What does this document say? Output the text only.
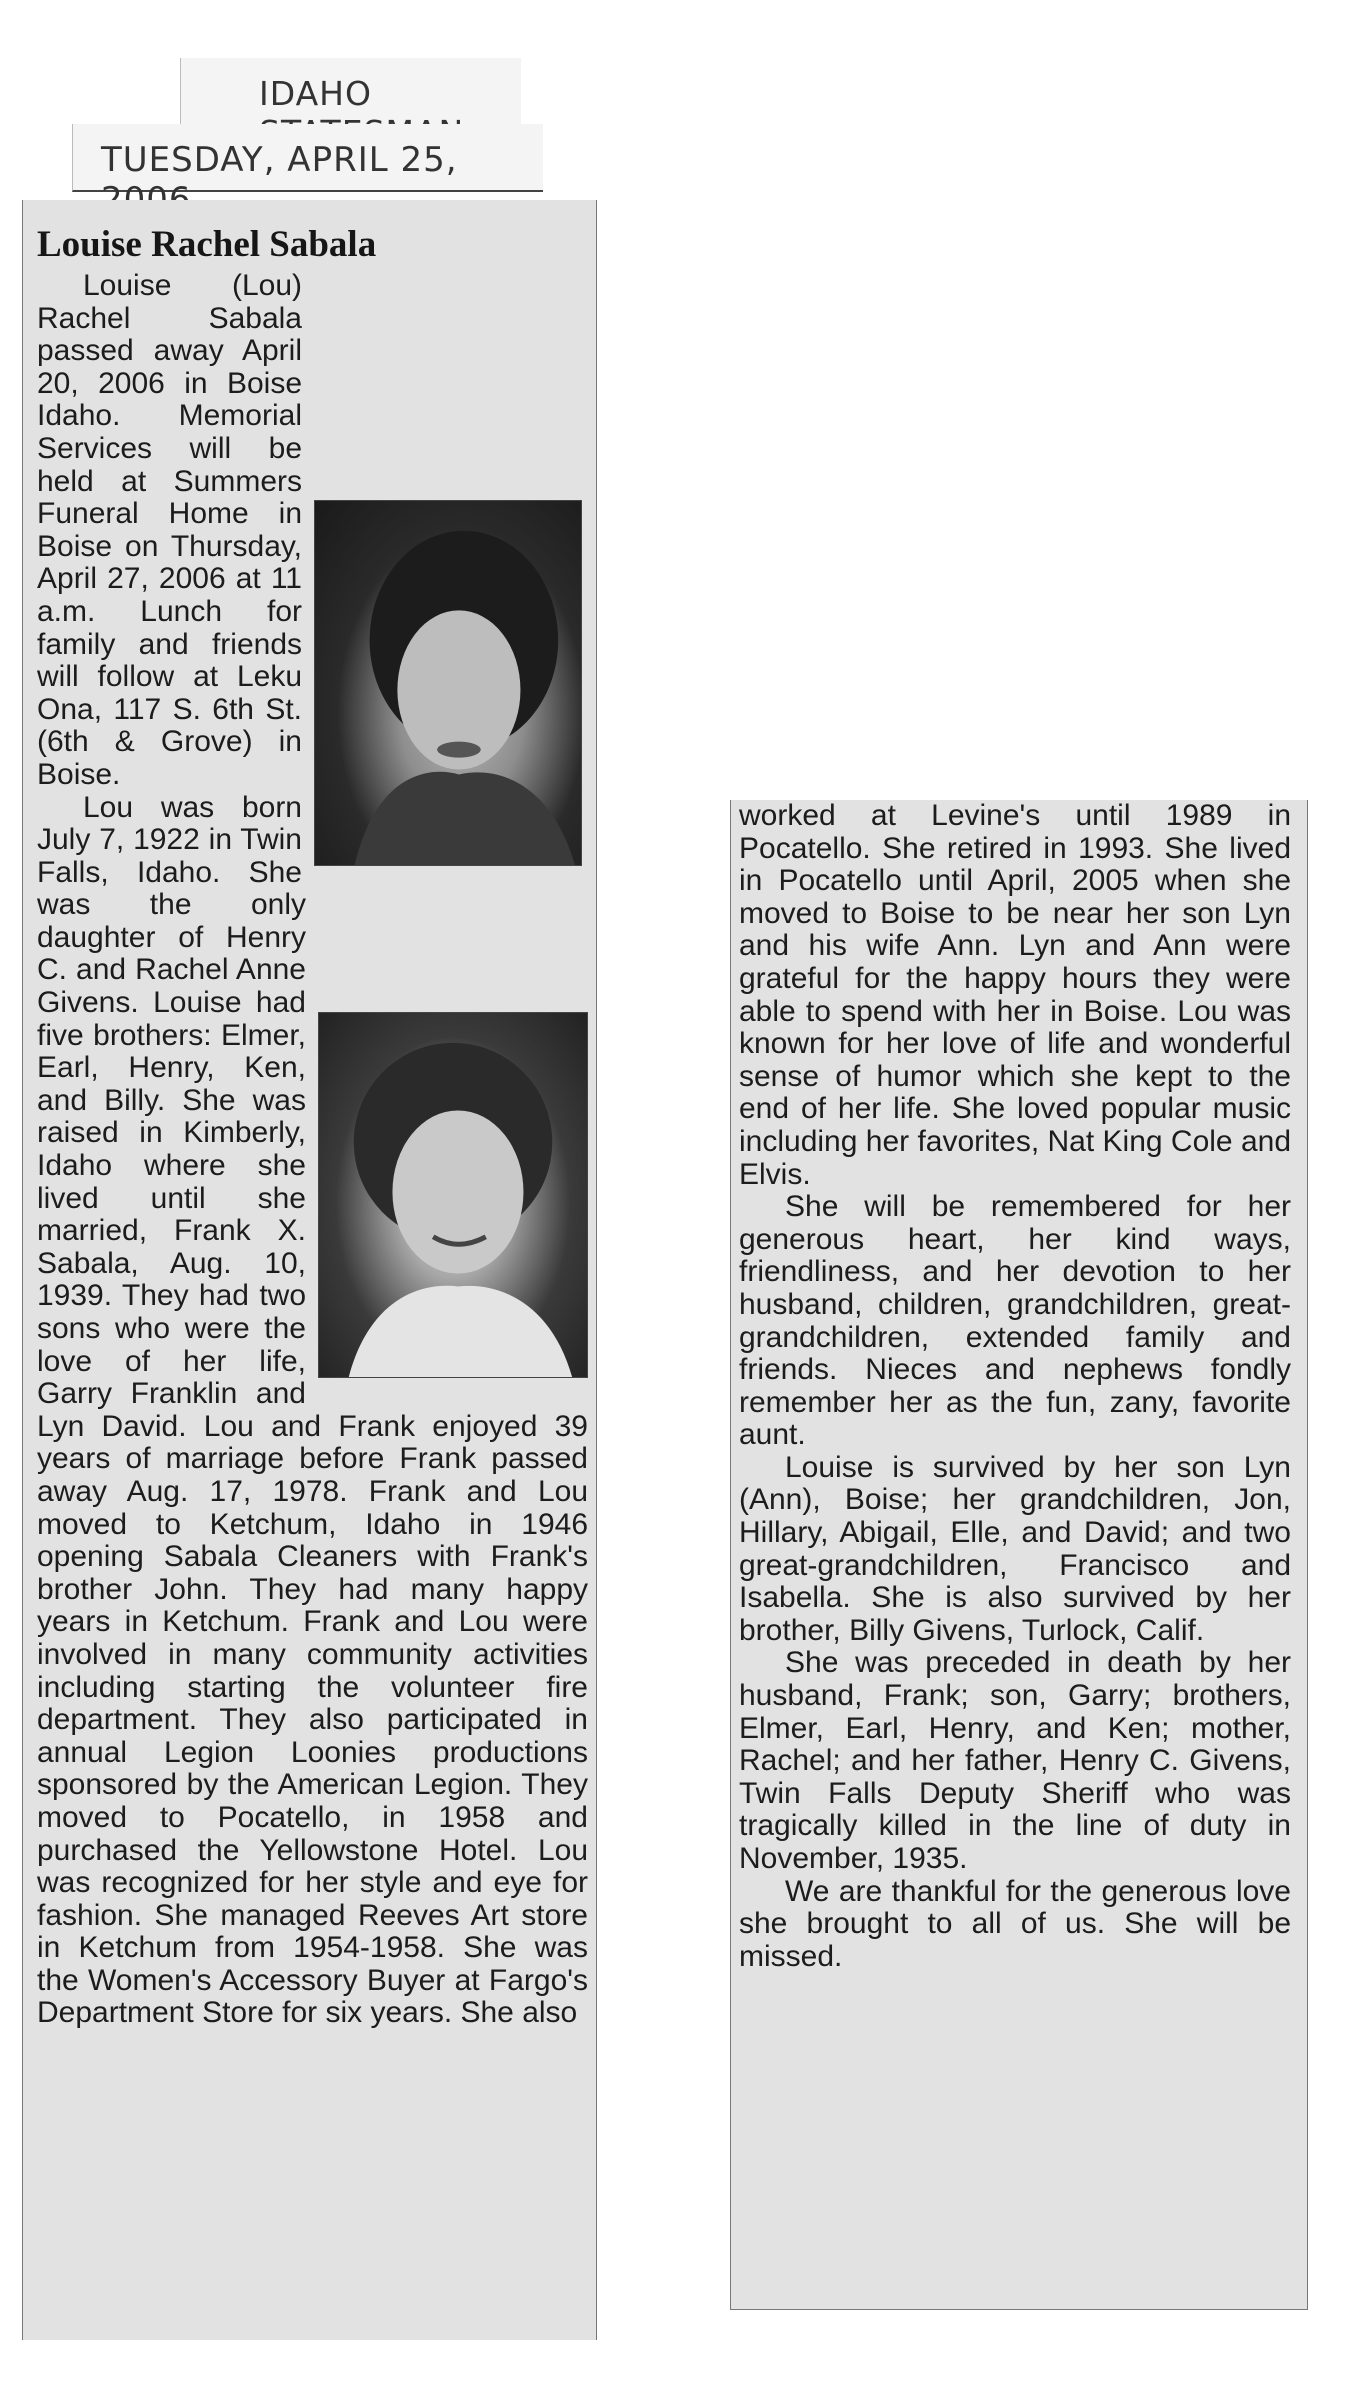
IDAHO
TUESDAY, APRIL 25,
Louise Rachel Sabala

Louise (Lou) Rachel Sabala passed away April 20, 2006 in Boise Idaho. Memorial Services will be held at Summers Funeral Home in Boise on Thursday, April 27, 2006 at 11 a.m. Lunch for family and friends will follow at Leku Ona, 117 S. 6th St. (6th & Grove) in Boise.

Lou was born July 7, 1922 in Twin Falls, Idaho. She was the only daughter of Henry C. and Rachel Anne Givens. Louise had five brothers: Elmer, Earl, Henry, Ken, and Billy. She was raised in Kimberly, Idaho where she lived until she married, Frank X. Sabala, Aug. 10, 1939. They had two sons who were the love of her life, Garry Franklin and Lyn David. Lou and Frank enjoyed 39 years of marriage before Frank passed away Aug. 17, 1978. Frank and Lou moved to Ketchum, Idaho in 1946 opening Sabala Cleaners with Frank's brother John. They had many happy years in Ketchum. Frank and Lou were involved in many community activities including starting the volunteer fire department. They also participated in annual Legion Loonies productions sponsored by the American Legion. They moved to Pocatello, in 1958 and purchased the Yellowstone Hotel. Lou was recognized for her style and eye for fashion. She managed Reeves Art store in Ketchum from 1954-1958. She was the Women's Accessory Buyer at Fargo's Department Store for six years. She also

worked at Levine's until 1989 in Pocatello. She retired in 1993. She lived in Pocatello until April, 2005 when she moved to Boise to be near her son Lyn and his wife Ann. Lyn and Ann were grateful for the happy hours they were able to spend with her in Boise. Lou was known for her love of life and wonderful sense of humor which she kept to the end of her life. She loved popular music including her favorites, Nat King Cole and Elvis.

She will be remembered for her generous heart, her kind ways, friendliness, and her devotion to her husband, children, grandchildren, great-grandchildren, extended family and friends. Nieces and nephews fondly remember her as the fun, zany, favorite aunt.

Louise is survived by her son Lyn (Ann), Boise; her grandchildren, Jon, Hillary, Abigail, Elle, and David; and two great-grandchildren, Francisco and Isabella. She is also survived by her brother, Billy Givens, Turlock, Calif.

She was preceded in death by her husband, Frank; son, Garry; brothers, Elmer, Earl, Henry, and Ken; mother, Rachel; and her father, Henry C. Givens, Twin Falls Deputy Sheriff who was tragically killed in the line of duty in November, 1935.

We are thankful for the generous love she brought to all of us. She will be missed.
